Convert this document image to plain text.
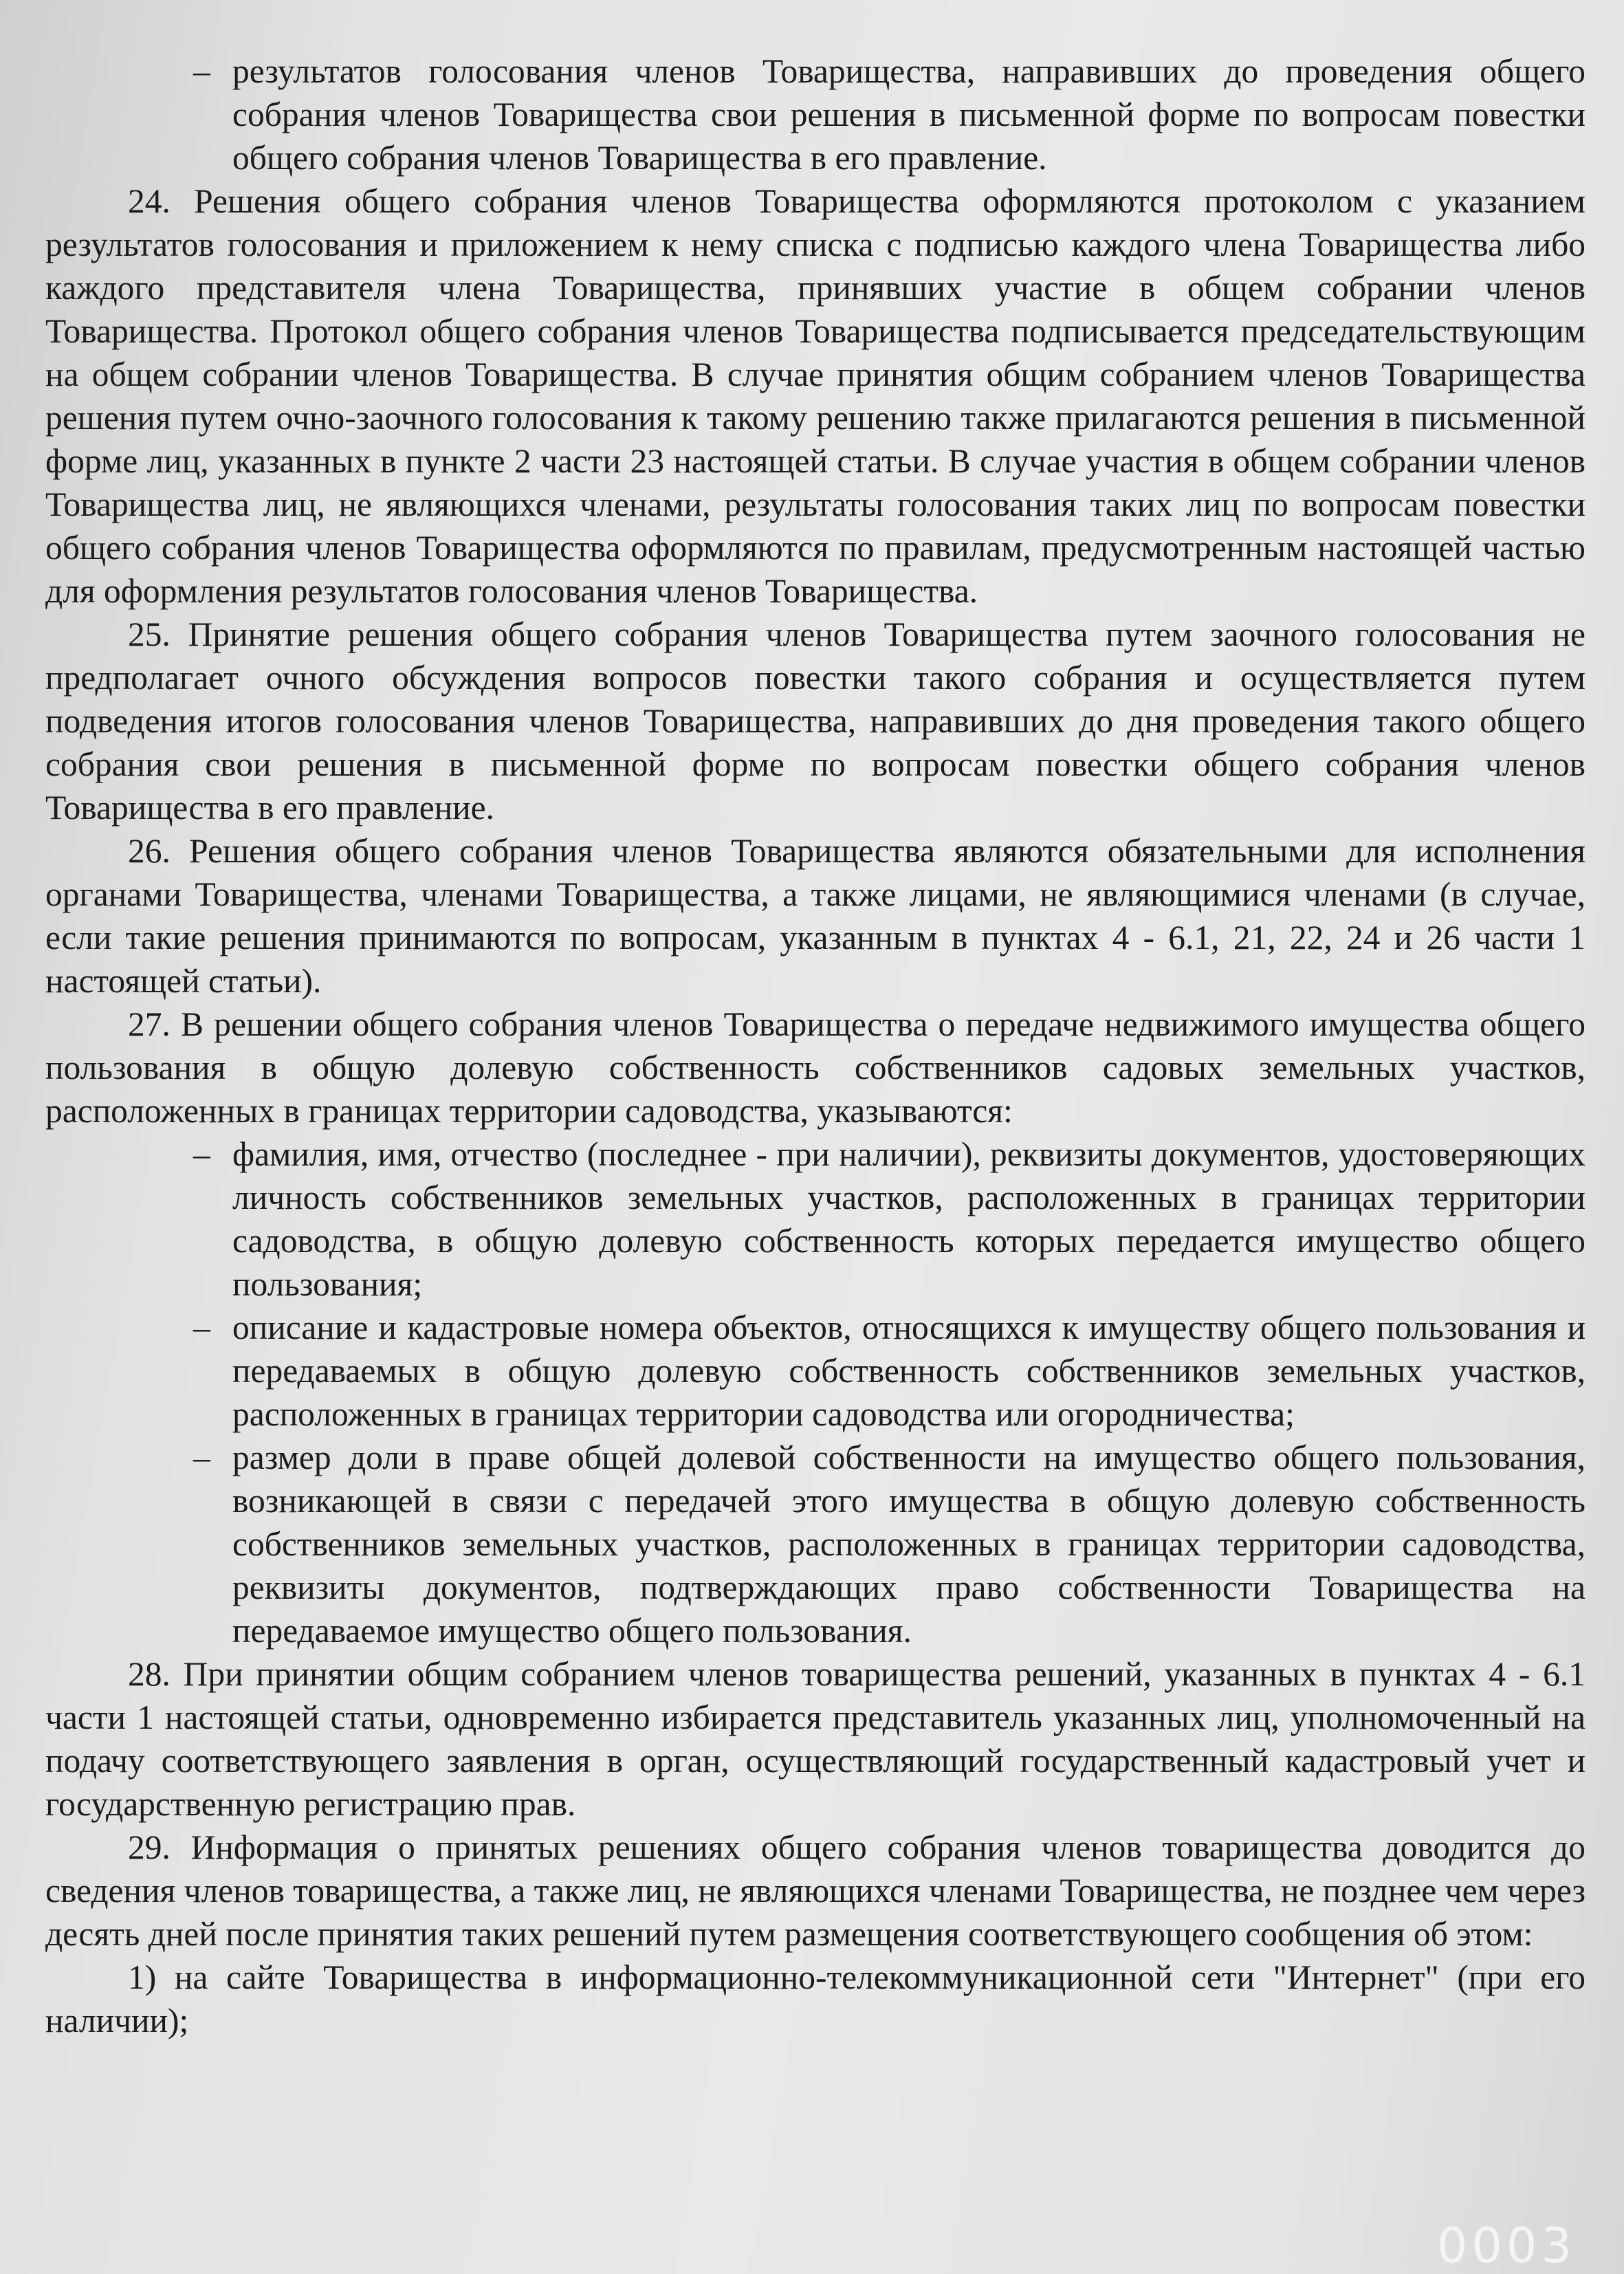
– результатов голосования членов Товарищества, направивших до проведения общего собрания членов Товарищества свои решения в письменной форме по вопросам повестки общего собрания членов Товарищества в его правление.

24. Решения общего собрания членов Товарищества оформляются протоколом с указанием результатов голосования и приложением к нему списка с подписью каждого члена Товарищества либо каждого представителя члена Товарищества, принявших участие в общем собрании членов Товарищества. Протокол общего собрания членов Товарищества подписывается председательствующим на общем собрании членов Товарищества. В случае принятия общим собранием членов Товарищества решения путем очно-заочного голосования к такому решению также прилагаются решения в письменной форме лиц, указанных в пункте 2 части 23 настоящей статьи. В случае участия в общем собрании членов Товарищества лиц, не являющихся членами, результаты голосования таких лиц по вопросам повестки общего собрания членов Товарищества оформляются по правилам, предусмотренным настоящей частью для оформления результатов голосования членов Товарищества.

25. Принятие решения общего собрания членов Товарищества путем заочного голосования не предполагает очного обсуждения вопросов повестки такого собрания и осуществляется путем подведения итогов голосования членов Товарищества, направивших до дня проведения такого общего собрания свои решения в письменной форме по вопросам повестки общего собрания членов Товарищества в его правление.

26. Решения общего собрания членов Товарищества являются обязательными для исполнения органами Товарищества, членами Товарищества, а также лицами, не являющимися членами (в случае, если такие решения принимаются по вопросам, указанным в пунктах 4 - 6.1, 21, 22, 24 и 26 части 1 настоящей статьи).

27. В решении общего собрания членов Товарищества о передаче недвижимого имущества общего пользования в общую долевую собственность собственников садовых земельных участков, расположенных в границах территории садоводства, указываются:

– фамилия, имя, отчество (последнее - при наличии), реквизиты документов, удостоверяющих личность собственников земельных участков, расположенных в границах территории садоводства, в общую долевую собственность которых передается имущество общего пользования;

– описание и кадастровые номера объектов, относящихся к имуществу общего пользования и передаваемых в общую долевую собственность собственников земельных участков, расположенных в границах территории садоводства или огородничества;

– размер доли в праве общей долевой собственности на имущество общего пользования, возникающей в связи с передачей этого имущества в общую долевую собственность собственников земельных участков, расположенных в границах территории садоводства, реквизиты документов, подтверждающих право собственности Товарищества на передаваемое имущество общего пользования.

28. При принятии общим собранием членов товарищества решений, указанных в пунктах 4 - 6.1 части 1 настоящей статьи, одновременно избирается представитель указанных лиц, уполномоченный на подачу соответствующего заявления в орган, осуществляющий государственный кадастровый учет и государственную регистрацию прав.

29. Информация о принятых решениях общего собрания членов товарищества доводится до сведения членов товарищества, а также лиц, не являющихся членами Товарищества, не позднее чем через десять дней после принятия таких решений путем размещения соответствующего сообщения об этом:

1) на сайте Товарищества в информационно-телекоммуникационной сети "Интернет" (при его наличии);

0003
